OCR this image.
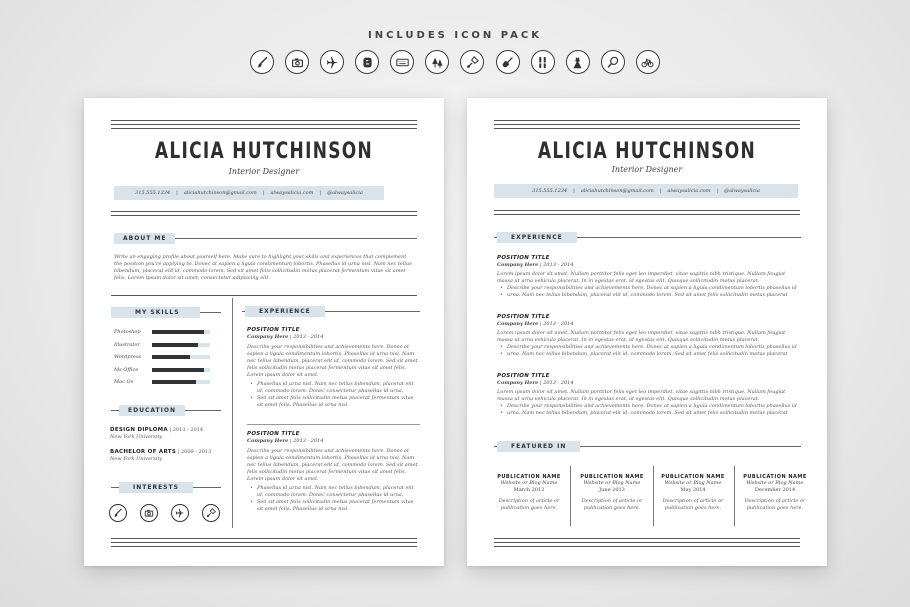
INCLUDES ICON PACK
ALICIA HUTCHINSON
Interior Designer
315.555.1234 | aliciahutchinson@gmail.com | alwaysalicia.com | @alwaysalicia
ABOUT ME
Write an engaging profile about yourself here. Make sure to highlight your skills and experiences that complement the position you're applying to. Donec at sapien a ligula condimentum lobortis. Phasellus id urna nisl. Nam nec tellus bibendum, placerat elit id, commodo lorem. Sed sit amet felis sollicitudin metus placerat fermentum vitae sit amet felis. Lorem ipsum dolor sit amet, consectetur adipiscing elit.
MY SKILLS
Photoshop
Illustrator
Wordpress
Ms Office
Mac Os
EDUCATION
DESIGN DIPLOMA | 2013 - 2014
New York University
BACHELOR OF ARTS | 2009 - 2013
New York University
INTERESTS
EXPERIENCE
POSITION TITLE
Company Here | 2013 - 2014
Describe your responsibilities and achievements here. Donec at sapien a ligula condimentum lobortis. Phasellus id urna nisl. Nam nec tellus bibendum, placerat elit id, commodo lorem. Sed sit amet felis sollicitudin metus placerat fermentum vitae sit amet felis. Lorem ipsum dolor sit amet.
• Phasellus id urna nisl. Nam nec tellus bibendum, placerat elit id, commodo lorem. Donec consectetur phasellus id urna.
• Sed sit amet felis sollicitudin metus placerat fermentum vitae sit amet felis. Phasellus id urna nisl.
POSITION TITLE
Company Here | 2013 - 2014
Describe your responsibilities and achievements here. Donec at sapien a ligula condimentum lobortis. Phasellus id urna nisl. Nam nec tellus bibendum, placerat elit id, commodo lorem. Sed sit amet felis sollicitudin metus placerat fermentum vitae sit amet felis. Lorem ipsum dolor sit amet.
• Phasellus id urna nisl. Nam nec tellus bibendum, placerat elit id, commodo lorem. Donec consectetur phasellus id urna.
• Sed sit amet felis sollicitudin metus placerat fermentum vitae sit amet felis. Phasellus id urna nisl.
ALICIA HUTCHINSON
Interior Designer
315.555.1234 | aliciahutchinson@gmail.com | alwaysalicia.com | @alwaysalicia
EXPERIENCE
POSITION TITLE
Company Here | 2013 - 2014
Lorem ipsum dolor sit amet. Nullam porttitor felis eget leo imperdiet, vitae sagittis nibh tristique. Nullam feugiat massa ut urna vehicula placerat. In in egestas erat, id egestas elit. Quisque sollicitudin metus placerat.
• Describe your responsibilities and achievements here. Donec at sapien a ligula condimentum lobortis phasellus id
• urna. Nam nec tellus bibendum, placerat elit id, commodo lorem. Sed sit amet felis sollicitudin metus placerat
POSITION TITLE
Company Here | 2013 - 2014
Lorem ipsum dolor sit amet. Nullam porttitor felis eget leo imperdiet, vitae sagittis nibh tristique. Nullam feugiat massa ut urna vehicula placerat. In in egestas erat, id egestas elit. Quisque sollicitudin metus placerat.
• Describe your responsibilities and achievements here. Donec at sapien a ligula condimentum lobortis phasellus id
• urna. Nam nec tellus bibendum, placerat elit id, commodo lorem. Sed sit amet felis sollicitudin metus placerat
POSITION TITLE
Company Here | 2013 - 2014
Lorem ipsum dolor sit amet. Nullam porttitor felis eget leo imperdiet, vitae sagittis nibh tristique. Nullam feugiat massa ut urna vehicula placerat. In in egestas erat, id egestas elit. Quisque sollicitudin metus placerat.
• Describe your responsibilities and achievements here. Donec at sapien a ligula condimentum lobortis phasellus id
• urna. Nam nec tellus bibendum, placerat elit id, commodo lorem. Sed sit amet felis sollicitudin metus placerat
FEATURED IN
PUBLICATION NAME
Website or Blog Name
March 2012
Description of article or publication goes here.
PUBLICATION NAME
Website or Blog Name
June 2013
Description of article or publication goes here.
PUBLICATION NAME
Website or Blog Name
May 2014
Description of article or publication goes here.
PUBLICATION NAME
Website or Blog Name
December 2014
Description of article or publication goes here.
